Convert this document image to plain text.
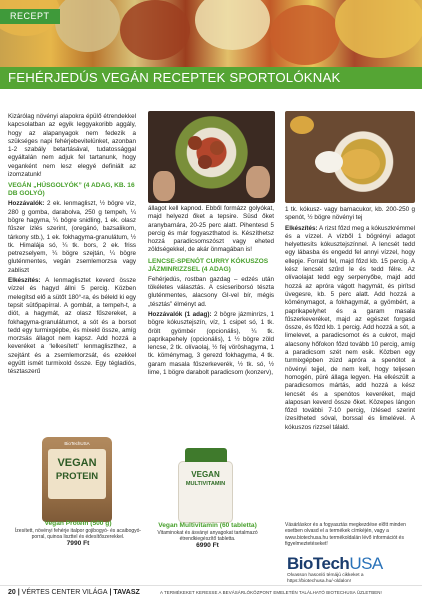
RECEPT
FEHÉRJEDÚS VEGÁN RECEPTEK SPORTOLÓKNAK

Kizárólag növényi alapokra épülő étrendekkel kapcsolatban az egyik leggyakoribb aggály, hogy az alapanyagok nem fedezik a szükséges napi fehérjebevitelünket, azonban 1-2 szabály betartásával, tudatossággal egyáltalán nem adjuk fel tartanunk, hogy veganként nem lesz elegyé definiált az izomzatunk!

VEGÁN „HÚSGOLYÓK” (4 ADAG, KB. 16 DB GOLYÓ)

Hozzávalók: 2 ek. lenmagliszt, ½ bögre víz, 280 g gomba, darabolva, 250 g tempeh, ¼ bögre hagyma, ¼ bögre snidling, 1 ek. olasz fűszer ízlés szerint, (oregánó, bazsalikom, tárkony stb.), 1 ek. fokhagyma-granulátum, ½ tk. Himalája só, ¼ tk. bors, 2 ek. friss petrezselyem, ¼ bögre szejtán, ¼ bögre gluténmentes, vegán zsemlemorzsa vagy zabliszt

Elkészítés: A lenmaglisztet keverd össze vízzel és hagyd állni 5 percig. Közben melegítsd elő a sütőt 180°-ra, és béleld ki egy tepsit sütőpapírral. A gombát, a tempeh-t, a diót, a hagymát, az olasz fűszereket, a fokhagyma-granulátumot, a sót és a borsot tedd egy turmixgépbe, és mixeld össze, amíg morzsás állagot nem kapsz. Add hozzá a keveréket a ‘lelkesített’ lenmagliszthez, a szejtánt és a zsemlemorzsát, és ezekkel együtt ismét turmixold össze. Egy tégladiós, tésztaszerű

állagot kell kapnod. Ebből formázz golyókat, majd helyezd őket a tepsire. Süsd őket aranybarnára, 20-25 perc alatt. Pihentesd 5 percig és már fogyaszthatod is. Készíthetsz hozzá paradicsomszószt vagy eheted zöldségekkel, de akár önmagában is!

LENCSE-SPENÓT CURRY KÓKUSZOS JÁZMINRIZZSEL (4 ADAG)

Fehérjedús, rostban gazdag – edzés után tökéletes választás. A csicseriborsó tészta gluténmentes, alacsony GI-vel bír, mégis „tésztás” élményt ad.

Hozzávalók (1 adag): 2 bögre jázminrizs, 1 bögre kókusztejszín, víz, 1 csipet só, 1 tk. őrölt gyömbér (opcionális), ¼ tk. paprikapehely (opcionális), 1 ½ bögre zöld lencse, 2 tk. olívaolaj, ½ fej vöröshagyma, 1 tk. köménymag, 3 gerezd fokhagyma, 4 tk. garam masala fűszerkeverék, ½ tk. só, ½ lime, 1 bögre darabolt paradicsom (konzerv),

1 tk. kókusz- vagy barnacukor, kb. 200-250 g spenót, ½ bögre növényi tej

Elkészítés: A rizst főzd meg a kókuszkrémmel és a vízzel. A vízből 1 bögrényi adagot helyettesíts kókusztejszínnel. A lencsét tedd egy lábasba és engedd fel annyi vízzel, hogy ellepje. Forrald fel, majd főzd kb. 15 percig. A kész lencsét szűrd le és tedd félre. Az olívaolajat tedd egy serpenyőbe, majd add hozzá az apróra vágott hagymát, és pirítsd üvegesre, kb. 5 perc alatt. Add hozzá a köménymagot, a fokhagymát, a gyömbért, a paprikapelyhet és a garam masala fűszerkeveréket, majd az egészet forgasd össze, és főzd kb. 1 percig. Add hozzá a sót, a limelevet, a paradicsomot és a cukrot, majd alacsony hőfokon főzd tovább 10 percig, amíg a paradicsom szét nem esik. Közben egy turmixgépben zúzd apróra a spenótot a növényi tejjel, de nem kell, hogy teljesen homogén, püré állaga legyen. Ha elkészült a paradicsomos mártás, add hozzá a kész lencsét és a spenótos keveréket, majd alaposan keverd össze őket. Közepes lángon főzd további 7-10 percig, ízlésed szerint ízesítheted sóval, borssal és limelével. A kókuszos rizzsel tálald.

BioTechUSA
VEGAN
PROTEIN
Vegan Protein (500 g)
Ízesített, növényi fehérje italpor gojibogyó- és acaibogyó-porral, quinoa liszttel és édesítőszerekkel.
7990 Ft
VEGAN
MULTIVITAMIN
Vegan Multivitamin (60 tabletta)
Vitaminokat és ásványi anyagokat tartalmazó étrendkiegészítő tabletta.
6990 Ft
Vásárláskor és a fogyasztás megkezdése előtt minden esetben olvasd el a termékek címkéjén, vagy a www.biotechusa.hu termékoldalán lévő információt és figyelmeztetéseket!
BioTechUSA
Olvasson hasonló témájú cikkeket a https://biotechusa.hu/-oldalon!
20 | VÉRTES CENTER VILÁGA | TAVASZ	A TERMÉKEKET KERESSE A BEVÁSÁRLÓKÖZPONT EMELETÉN TALÁLHATÓ BIOTECHUSA ÜZLETBEN!
